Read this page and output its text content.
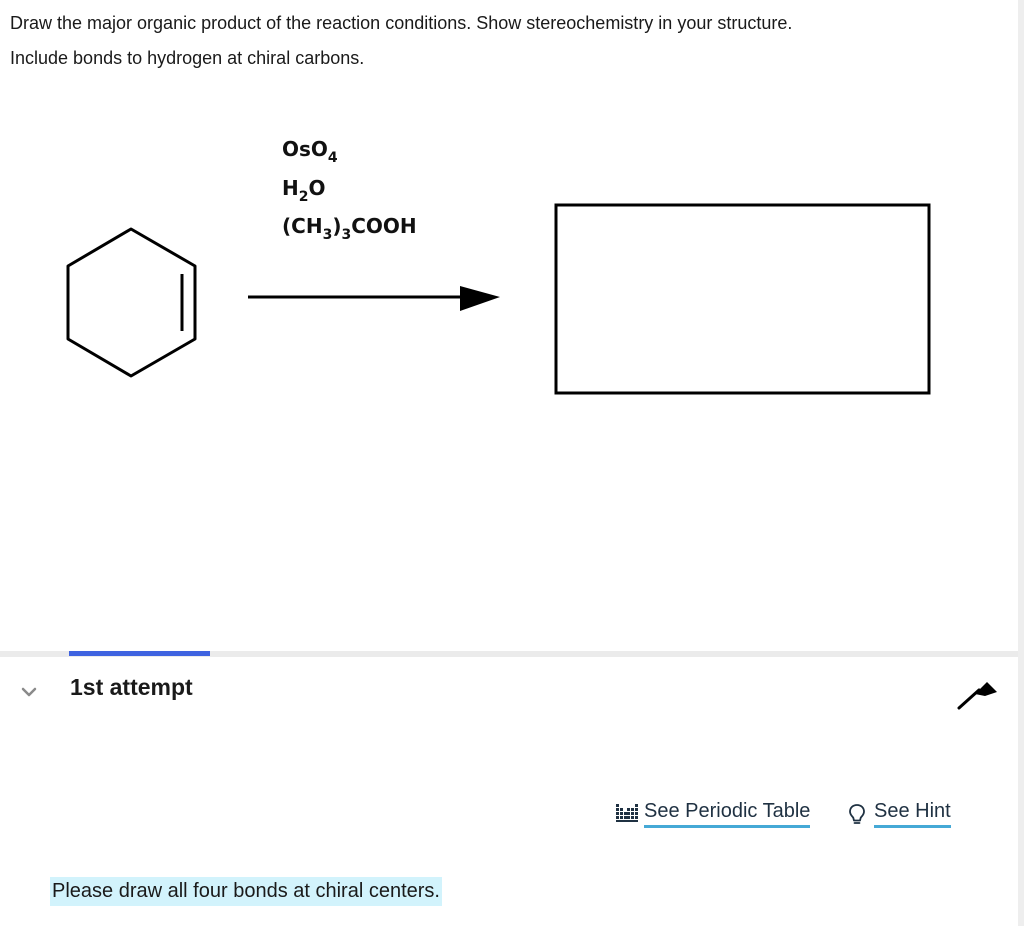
Draw the major organic product of the reaction conditions. Show stereochemistry in your structure.

Include bonds to hydrogen at chiral carbons.

OsO$_4$
$H_2O$
$(CH_3)_3COOH$
1st attempt
See Periodic Table	See Hint
Please draw all four bonds at chiral centers.
